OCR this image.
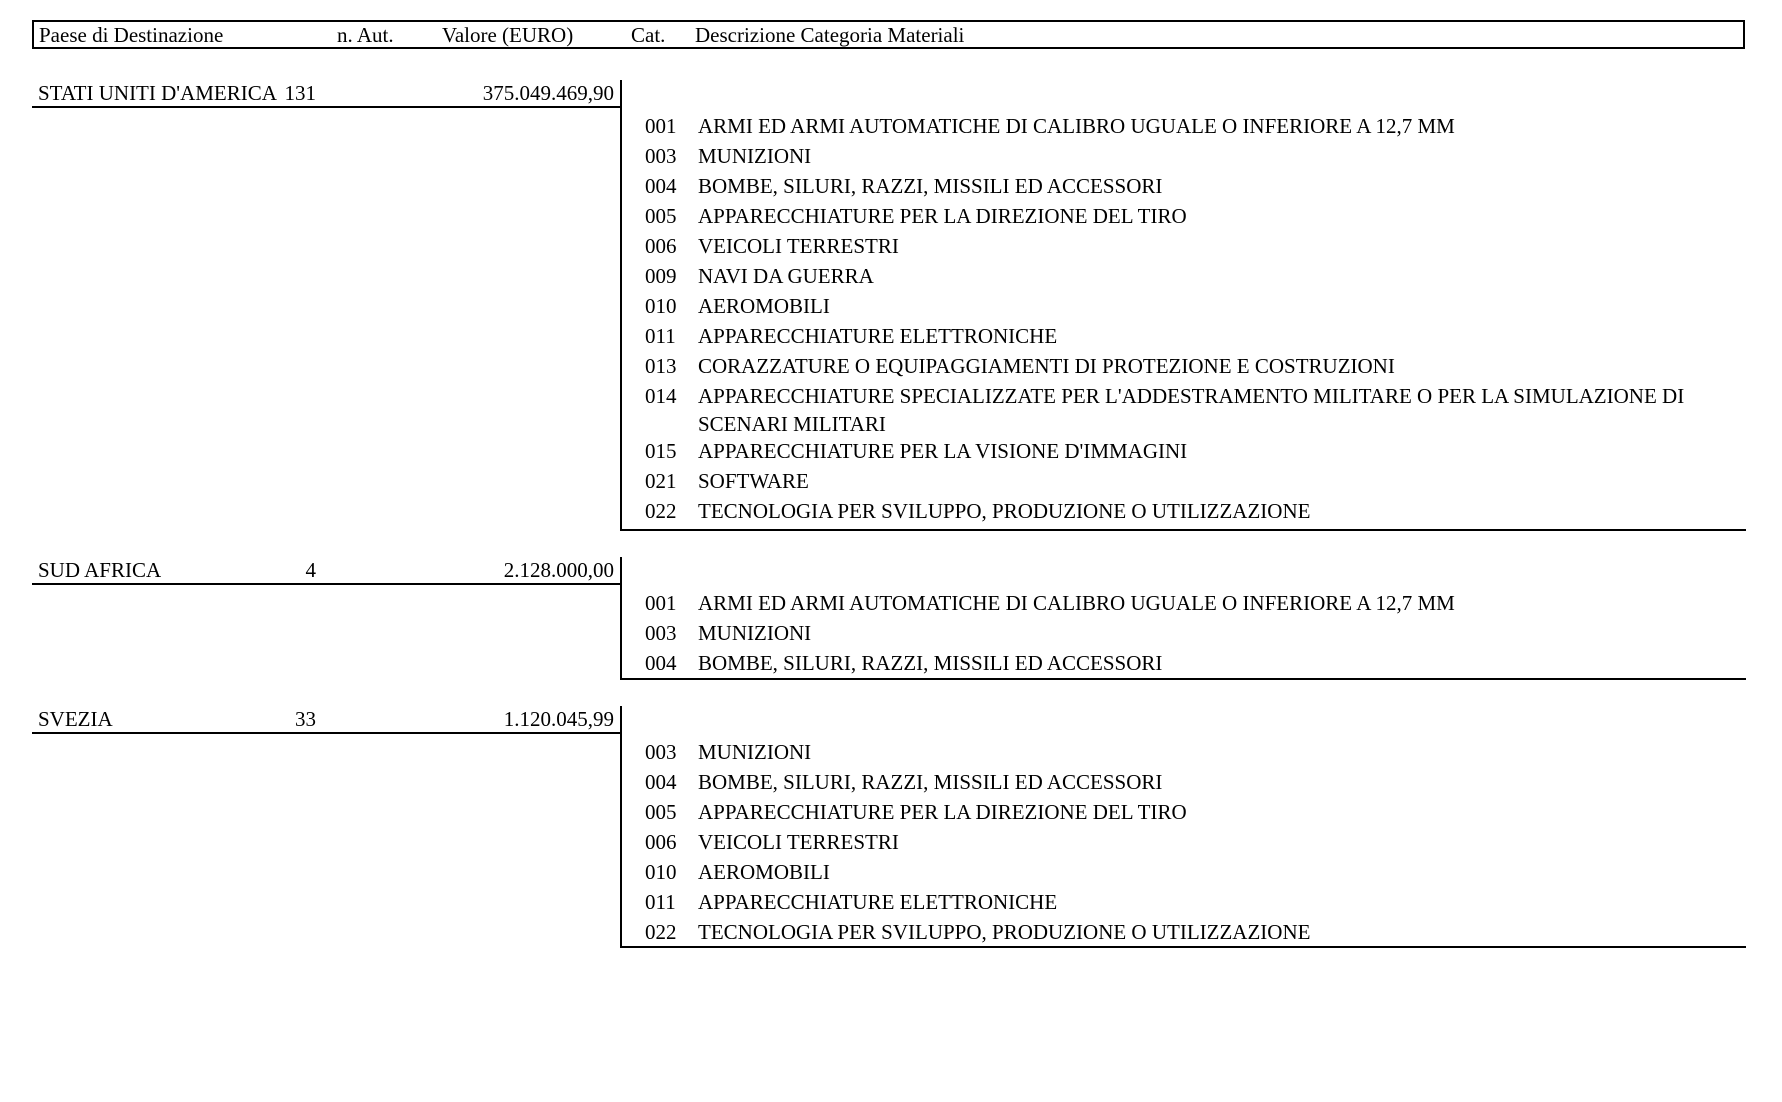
Paese di Destinazione	n. Aut. Valore (EURO)	Cat. Descrizione Categoria Materiali
STATI UNITI D'AMERICA 131	375.049.469,90
001 ARMI ED ARMI AUTOMATICHE DI CALIBRO UGUALE O INFERIORE A 12,7 MM
003 MUNIZIONI
004 BOMBE, SILURI, RAZZI, MISSILI ED ACCESSORI
005 APPARECCHIATURE PER LA DIREZIONE DEL TIRO
006 VEICOLI TERRESTRI
009 NAVI DA GUERRA
010 AEROMOBILI
011 APPARECCHIATURE ELETTRONICHE
013 CORAZZATURE O EQUIPAGGIAMENTI DI PROTEZIONE E COSTRUZIONI
014 APPARECCHIATURE SPECIALIZZATE PER L'ADDESTRAMENTO MILITARE O PER LA SIMULAZIONE DI SCENARI MILITARI
015 APPARECCHIATURE PER LA VISIONE D'IMMAGINI
021 SOFTWARE
022 TECNOLOGIA PER SVILUPPO, PRODUZIONE O UTILIZZAZIONE
SUD AFRICA	4	2.128.000,00
001 ARMI ED ARMI AUTOMATICHE DI CALIBRO UGUALE O INFERIORE A 12,7 MM
003 MUNIZIONI
004 BOMBE, SILURI, RAZZI, MISSILI ED ACCESSORI
SVEZIA	33	1.120.045,99
003 MUNIZIONI
004 BOMBE, SILURI, RAZZI, MISSILI ED ACCESSORI
005 APPARECCHIATURE PER LA DIREZIONE DEL TIRO
006 VEICOLI TERRESTRI
010 AEROMOBILI
011 APPARECCHIATURE ELETTRONICHE
022 TECNOLOGIA PER SVILUPPO, PRODUZIONE O UTILIZZAZIONE
